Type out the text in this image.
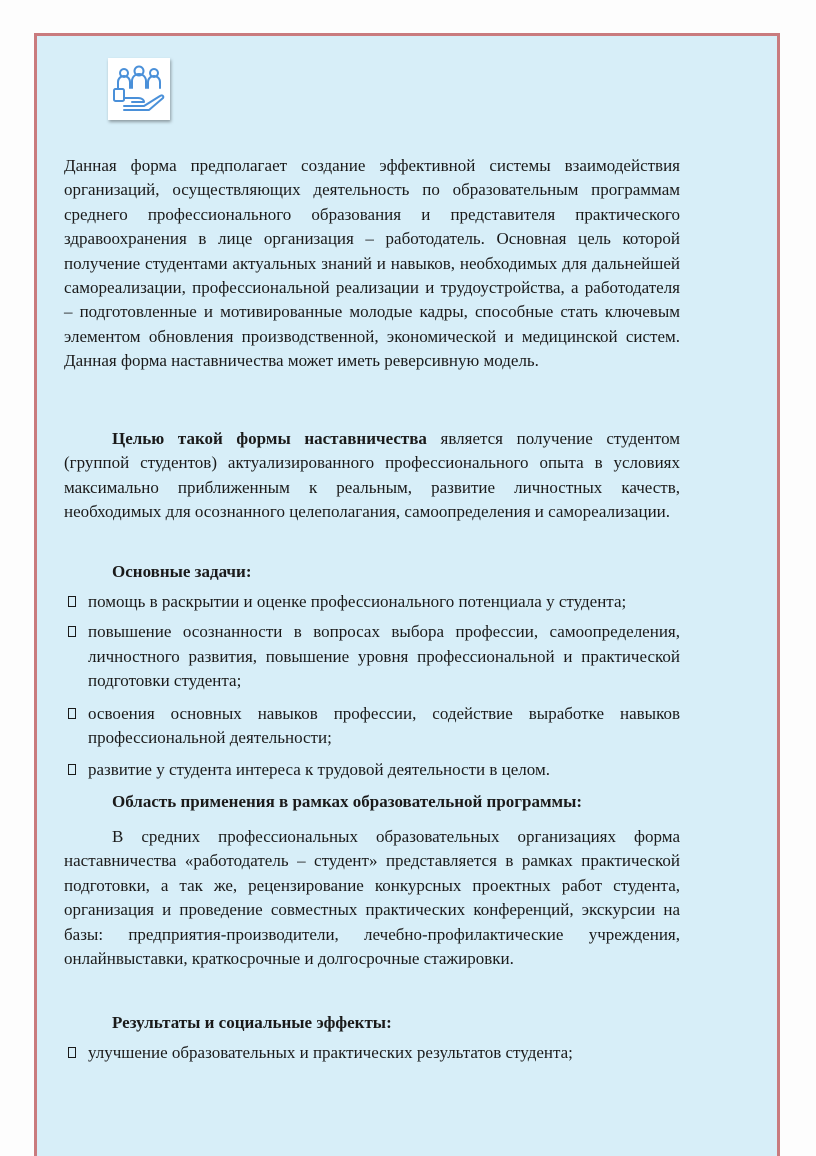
Данная форма предполагает создание эффективной системы взаимодействия организаций, осуществляющих деятельность по образовательным программам среднего профессионального образования и представителя практического здравоохранения в лице организация – работодатель. Основная цель которой получение студентами актуальных знаний и навыков, необходимых для дальнейшей самореализации, профессиональной реализации и трудоустройства, а работодателя – подготовленные и мотивированные молодые кадры, способные стать ключевым элементом обновления производственной, экономической и медицинской систем. Данная форма наставничества может иметь реверсивную модель.

Целью такой формы наставничества является получение студентом (группой студентов) актуализированного профессионального опыта в условиях максимально приближенным к реальным, развитие личностных качеств, необходимых для осознанного целеполагания, самоопределения и самореализации.

Основные задачи:

помощь в раскрытии и оценке профессионального потенциала у студента;
повышение осознанности в вопросах выбора профессии, самоопределения, личностного развития, повышение уровня профессиональной и практической подготовки студента;
освоения основных навыков профессии, содействие выработке навыков профессиональной деятельности;
развитие у студента интереса к трудовой деятельности в целом.

Область применения в рамках образовательной программы:

В средних профессиональных образовательных организациях форма наставничества «работодатель – студент» представляется в рамках практической подготовки, а так же, рецензирование конкурсных проектных работ студента, организация и проведение совместных практических конференций, экскурсии на базы: предприятия-производители, лечебно-профилактические учреждения, онлайнвыставки, краткосрочные и долгосрочные стажировки.

Результаты и социальные эффекты:

улучшение образовательных и практических результатов студента;
